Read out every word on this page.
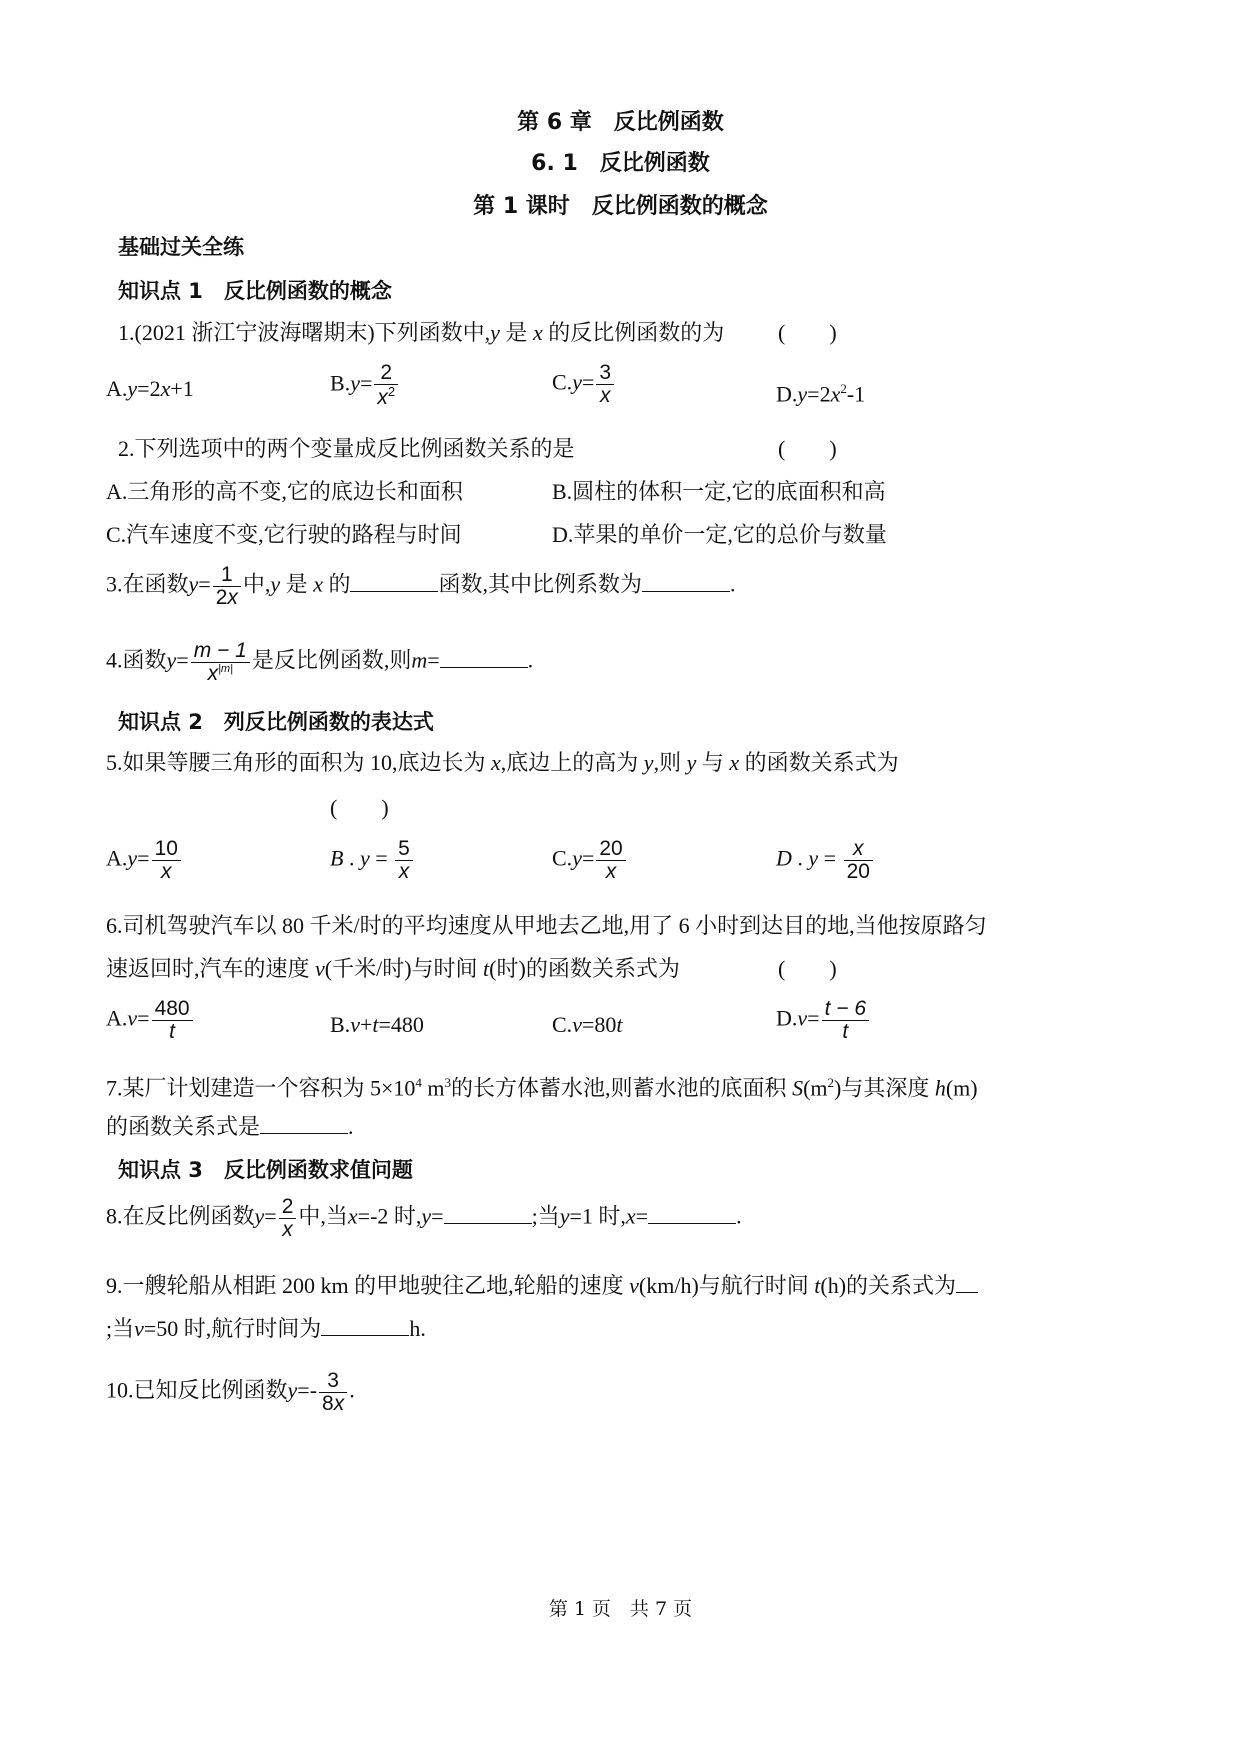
第 6 章　反比例函数
6. 1　反比例函数
第 1 课时　反比例函数的概念
基础过关全练
知识点 1　反比例函数的概念
1.(2021 浙江宁波海曙期末)下列函数中,y 是 x 的反比例函数的为 (　　)
A.y=2x+1	$B.y= \frac{2}{x^2}$	$C.y= \frac{3}{x}$	$D.y=2x^2-1$
2.下列选项中的两个变量成反比例函数关系的是	(　　)
A.三角形的高不变,它的底边长和面积	B.圆柱的体积一定,它的底面积和高
C.汽车速度不变,它行驶的路程与时间	D.苹果的单价一定,它的总价与数量
3.在函数$y= \frac{1}{2x}$ 中,y 是 x 的	函数,其中比例系数为	.
4.函数$y= \frac{m - 1}{x^{|m|}}$ 是反比例函数,则m=	.
知识点 2　列反比例函数的表达式
5.如果等腰三角形的面积为 10,底边长为 x,底边上的高为 y,则 y 与 x 的函数关系式为
(　　)
$A.y= \frac{10}{x}$	B . $y = \frac{5}{x}$	$C.y= \frac{20}{x}$	D . $y = \frac{x}{20}$
6.司机驾驶汽车以 80 千米/时的平均速度从甲地去乙地,用了 6 小时到达目的地,当他按原路匀
速返回时,汽车的速度 v(千米/时)与时间 t(时)的函数关系式为	(　　)
$A.v= \frac{480}{t}$	B.v+t=480	C.v=80t	$D.v= \frac{t - 6}{t}$
7.某厂计划建造一个容积为 $5\times 10^4$ $m^3$的长方体蓄水池,则蓄水池的底面积 $S(m^2)$与其深度 h(m)
的函数关系式是	.
知识点 3　反比例函数求值问题
8.在反比例函数$y= \frac{2}{x}$ 中,当x=-2 时,y=	;当y=1 时,x=	.
9.一艘轮船从相距 200 km 的甲地驶往乙地,轮船的速度 v(km/h)与航行时间 t(h)的关系式为
;当v=50 时,航行时间为	h.
10.已知反比例函数$y=- \frac{3}{8x}$ .
第 1 页　共 7 页
